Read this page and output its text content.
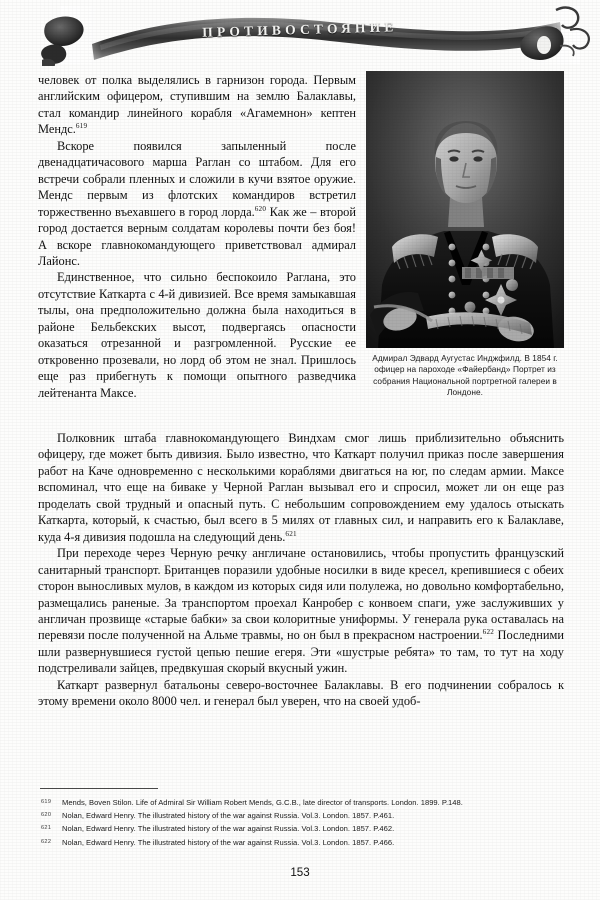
ПРОТИВОСТОЯНИЕ
Адмирал Эдвард Аугустас Инджфилд. В 1854 г. офицер на пароходе «Файербанд» Портрет из собрания Национальной портретной галереи в Лондоне.

человек от полка выделялись в гарнизон города. Первым английским офицером, ступившим на землю Балаклавы, стал командир линейного корабля «Агамемнон» кептен Мендс.$^{619}$

Вскоре появился запыленный после двенадцатичасового марша Раглан со штабом. Для его встречи собрали пленных и сложили в кучи взятое оружие. Мендс первым из флотских командиров встретил торжественно въехавшего в город лорда.$^{620}$ Как же – второй город достается верным солдатам королевы почти без боя! А вскоре главнокомандующего приветствовал адмирал Лайонс.

Единственное, что сильно беспокоило Раглана, это отсутствие Каткарта с 4-й дивизией. Все время замыкавшая тылы, она предположительно должна была находиться в районе Бельбекских высот, подвергаясь опасности оказаться отрезанной и разгромленной. Русские ее откровенно прозевали, но лорд об этом не знал. Пришлось еще раз прибегнуть к помощи опытного разведчика лейтенанта Максе.

Полковник штаба главнокомандующего Виндхам смог лишь приблизительно объяснить офицеру, где может быть дивизия. Было известно, что Каткарт получил приказ после завершения работ на Каче одновременно с несколькими кораблями двигаться на юг, по следам армии. Максе вспоминал, что еще на биваке у Черной Раглан вызывал его и спросил, может ли он еще раз проделать свой трудный и опасный путь. С небольшим сопровождением ему удалось отыскать Каткарта, который, к счастью, был всего в 5 милях от главных сил, и направить его к Балаклаве, куда 4-я дивизия подошла на следующий день.$^{621}$

При переходе через Черную речку англичане остановились, чтобы пропустить французский санитарный транспорт. Британцев поразили удобные носилки в виде кресел, крепившиеся с обеих сторон выносливых мулов, в каждом из которых сидя или полулежа, но довольно комфортабельно, размещались раненые. За транспортом проехал Канробер с конвоем спаги, уже заслуживших у англичан прозвище «старые бабки» за свои колоритные униформы. У генерала рука оставалась на перевязи после полученной на Альме травмы, но он был в прекрасном настроении.$^{622}$ Последними шли развернувшиеся густой цепью пешие егеря. Эти «шустрые ребята» то там, то тут на ходу подстреливали зайцев, предвкушая скорый вкусный ужин.

Каткарт развернул батальоны северо-восточнее Балаклавы. В его подчинении собралось к этому времени около 8000 чел. и генерал был уверен, что на своей удоб-

619	Mends, Boven Stilon. Life of Admiral Sir William Robert Mends, G.C.B., late director of transports. London. 1899. P.148.
620	Nolan, Edward Henry. The illustrated history of the war against Russia. Vol.3. London. 1857. P.461.
621	Nolan, Edward Henry. The illustrated history of the war against Russia. Vol.3. London. 1857. P.462.
622	Nolan, Edward Henry. The illustrated history of the war against Russia. Vol.3. London. 1857. P.466.
153
